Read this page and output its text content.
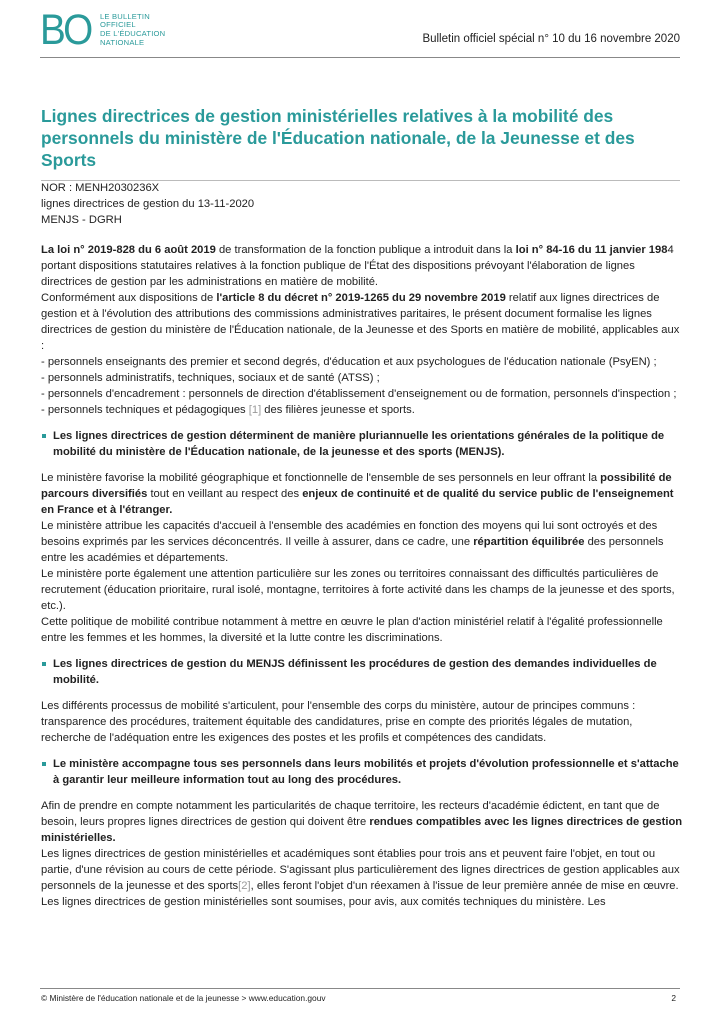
BO	LE BULLETIN
OFFICIEL
DE L'ÉDUCATION
NATIONALE	Bulletin officiel spécial n° 10 du 16 novembre 2020
Lignes directrices de gestion ministérielles relatives à la mobilité des personnels du ministère de l'Éducation nationale, de la Jeunesse et des Sports
NOR : MENH2030236X
lignes directrices de gestion du 13-11-2020
MENJS - DGRH

La loi n° 2019-828 du 6 août 2019 de transformation de la fonction publique a introduit dans la loi n° 84-16 du 11 janvier 1984 portant dispositions statutaires relatives à la fonction publique de l'État des dispositions prévoyant l'élaboration de lignes directrices de gestion par les administrations en matière de mobilité.

Conformément aux dispositions de l'article 8 du décret n° 2019-1265 du 29 novembre 2019 relatif aux lignes directrices de gestion et à l'évolution des attributions des commissions administratives paritaires, le présent document formalise les lignes directrices de gestion du ministère de l'Éducation nationale, de la Jeunesse et des Sports en matière de mobilité, applicables aux :

- personnels enseignants des premier et second degrés, d'éducation et aux psychologues de l'éducation nationale (PsyEN) ;

- personnels administratifs, techniques, sociaux et de santé (ATSS) ;

- personnels d'encadrement : personnels de direction d'établissement d'enseignement ou de formation, personnels d'inspection ;

- personnels techniques et pédagogiques [1] des filières jeunesse et sports.

Les lignes directrices de gestion déterminent de manière pluriannuelle les orientations générales de la politique de mobilité du ministère de l'Éducation nationale, de la jeunesse et des sports (MENJS).

Le ministère favorise la mobilité géographique et fonctionnelle de l'ensemble de ses personnels en leur offrant la possibilité de parcours diversifiés tout en veillant au respect des enjeux de continuité et de qualité du service public de l'enseignement en France et à l'étranger.

Le ministère attribue les capacités d'accueil à l'ensemble des académies en fonction des moyens qui lui sont octroyés et des besoins exprimés par les services déconcentrés. Il veille à assurer, dans ce cadre, une répartition équilibrée des personnels entre les académies et départements.

Le ministère porte également une attention particulière sur les zones ou territoires connaissant des difficultés particulières de recrutement (éducation prioritaire, rural isolé, montagne, territoires à forte activité dans les champs de la jeunesse et des sports, etc.).

Cette politique de mobilité contribue notamment à mettre en œuvre le plan d'action ministériel relatif à l'égalité professionnelle entre les femmes et les hommes, la diversité et la lutte contre les discriminations.

Les lignes directrices de gestion du MENJS définissent les procédures de gestion des demandes individuelles de mobilité.

Les différents processus de mobilité s'articulent, pour l'ensemble des corps du ministère, autour de principes communs : transparence des procédures, traitement équitable des candidatures, prise en compte des priorités légales de mutation, recherche de l'adéquation entre les exigences des postes et les profils et compétences des candidats.

Le ministère accompagne tous ses personnels dans leurs mobilités et projets d'évolution professionnelle et s'attache à garantir leur meilleure information tout au long des procédures.

Afin de prendre en compte notamment les particularités de chaque territoire, les recteurs d'académie édictent, en tant que de besoin, leurs propres lignes directrices de gestion qui doivent être rendues compatibles avec les lignes directrices de gestion ministérielles.

Les lignes directrices de gestion ministérielles et académiques sont établies pour trois ans et peuvent faire l'objet, en tout ou partie, d'une révision au cours de cette période. S'agissant plus particulièrement des lignes directrices de gestion applicables aux personnels de la jeunesse et des sports[2], elles feront l'objet d'un réexamen à l'issue de leur première année de mise en œuvre.

Les lignes directrices de gestion ministérielles sont soumises, pour avis, aux comités techniques du ministère. Les

© Ministère de l'éducation nationale et de la jeunesse > www.education.gouv	2
